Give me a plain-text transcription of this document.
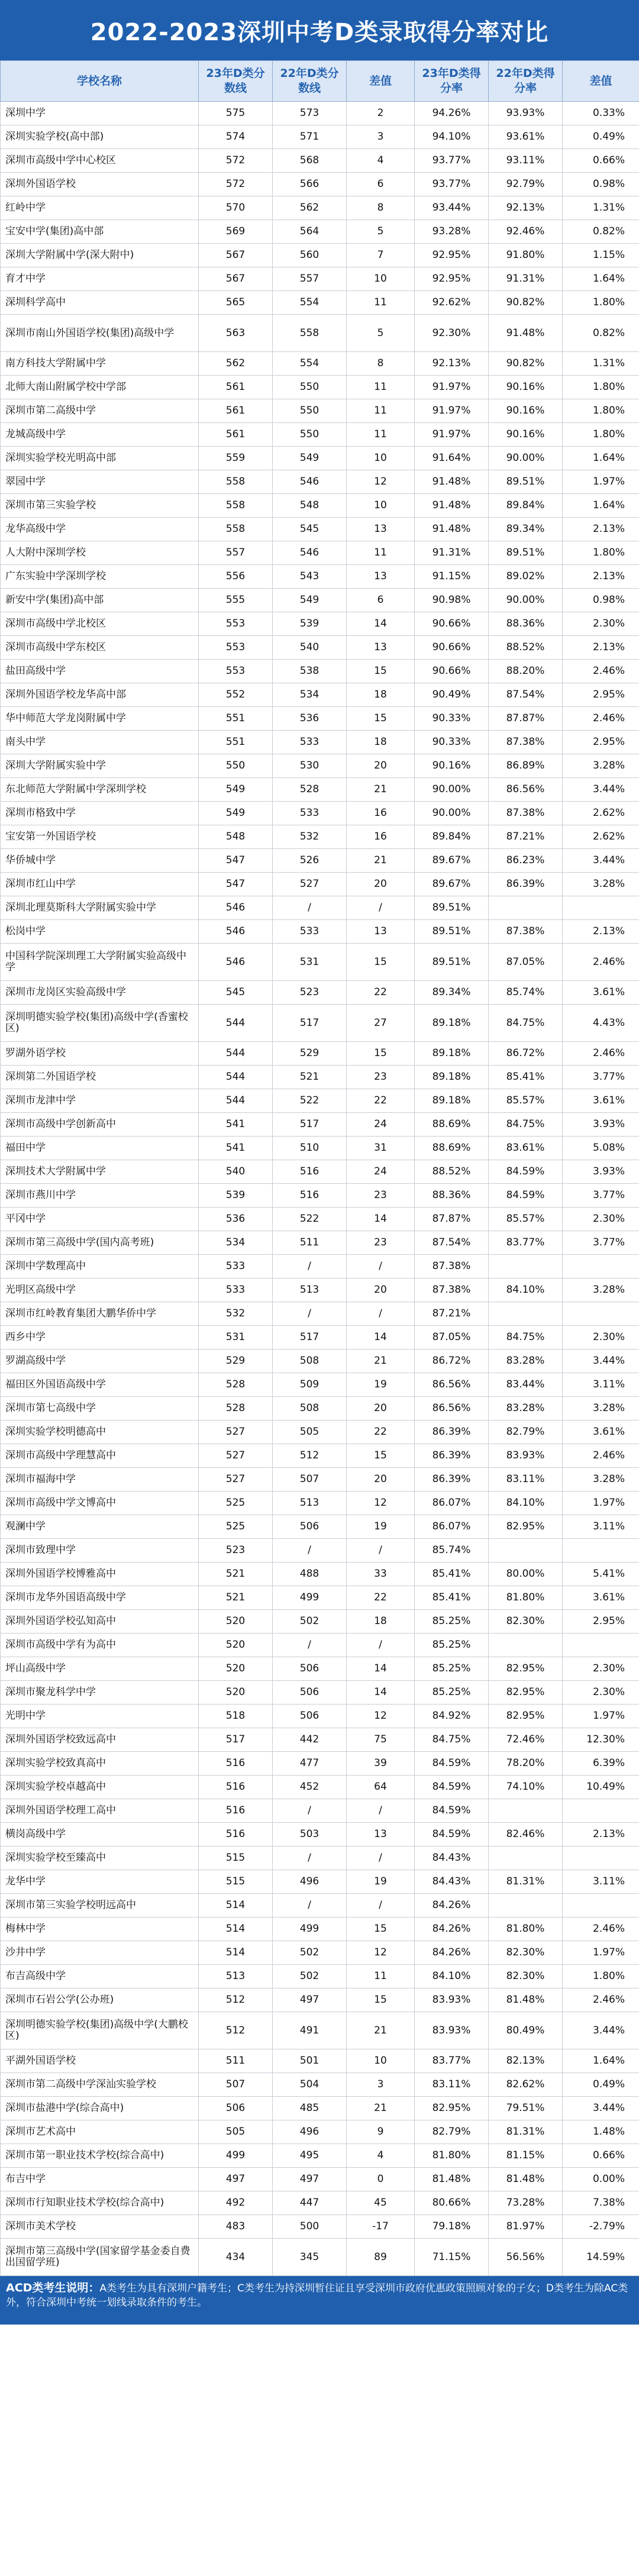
2022-2023深圳中考D类录取得分率对比
学校名称	23年D类分数线	22年D类分数线	差值	23年D类得分率	22年D类得分率	差值
深圳中学	575	573	2	94.26%	93.93%	0.33%
深圳实验学校(高中部)	574	571	3	94.10%	93.61%	0.49%
深圳市高级中学中心校区	572	568	4	93.77%	93.11%	0.66%
深圳外国语学校	572	566	6	93.77%	92.79%	0.98%
红岭中学	570	562	8	93.44%	92.13%	1.31%
宝安中学(集团)高中部	569	564	5	93.28%	92.46%	0.82%
深圳大学附属中学(深大附中)	567	560	7	92.95%	91.80%	1.15%
育才中学	567	557	10	92.95%	91.31%	1.64%
深圳科学高中	565	554	11	92.62%	90.82%	1.80%
深圳市南山外国语学校(集团)高级中学	563	558	5	92.30%	91.48%	0.82%
南方科技大学附属中学	562	554	8	92.13%	90.82%	1.31%
北师大南山附属学校中学部	561	550	11	91.97%	90.16%	1.80%
深圳市第二高级中学	561	550	11	91.97%	90.16%	1.80%
龙城高级中学	561	550	11	91.97%	90.16%	1.80%
深圳实验学校光明高中部	559	549	10	91.64%	90.00%	1.64%
翠园中学	558	546	12	91.48%	89.51%	1.97%
深圳市第三实验学校	558	548	10	91.48%	89.84%	1.64%
龙华高级中学	558	545	13	91.48%	89.34%	2.13%
人大附中深圳学校	557	546	11	91.31%	89.51%	1.80%
广东实验中学深圳学校	556	543	13	91.15%	89.02%	2.13%
新安中学(集团)高中部	555	549	6	90.98%	90.00%	0.98%
深圳市高级中学北校区	553	539	14	90.66%	88.36%	2.30%
深圳市高级中学东校区	553	540	13	90.66%	88.52%	2.13%
盐田高级中学	553	538	15	90.66%	88.20%	2.46%
深圳外国语学校龙华高中部	552	534	18	90.49%	87.54%	2.95%
华中师范大学龙岗附属中学	551	536	15	90.33%	87.87%	2.46%
南头中学	551	533	18	90.33%	87.38%	2.95%
深圳大学附属实验中学	550	530	20	90.16%	86.89%	3.28%
东北师范大学附属中学深圳学校	549	528	21	90.00%	86.56%	3.44%
深圳市格致中学	549	533	16	90.00%	87.38%	2.62%
宝安第一外国语学校	548	532	16	89.84%	87.21%	2.62%
华侨城中学	547	526	21	89.67%	86.23%	3.44%
深圳市红山中学	547	527	20	89.67%	86.39%	3.28%
深圳北理莫斯科大学附属实验中学	546	/	/	89.51%		
松岗中学	546	533	13	89.51%	87.38%	2.13%
中国科学院深圳理工大学附属实验高级中学	546	531	15	89.51%	87.05%	2.46%
深圳市龙岗区实验高级中学	545	523	22	89.34%	85.74%	3.61%
深圳明德实验学校(集团)高级中学(香蜜校区)	544	517	27	89.18%	84.75%	4.43%
罗湖外语学校	544	529	15	89.18%	86.72%	2.46%
深圳第二外国语学校	544	521	23	89.18%	85.41%	3.77%
深圳市龙津中学	544	522	22	89.18%	85.57%	3.61%
深圳市高级中学创新高中	541	517	24	88.69%	84.75%	3.93%
福田中学	541	510	31	88.69%	83.61%	5.08%
深圳技术大学附属中学	540	516	24	88.52%	84.59%	3.93%
深圳市燕川中学	539	516	23	88.36%	84.59%	3.77%
平冈中学	536	522	14	87.87%	85.57%	2.30%
深圳市第三高级中学(国内高考班)	534	511	23	87.54%	83.77%	3.77%
深圳中学数理高中	533	/	/	87.38%		
光明区高级中学	533	513	20	87.38%	84.10%	3.28%
深圳市红岭教育集团大鹏华侨中学	532	/	/	87.21%		
西乡中学	531	517	14	87.05%	84.75%	2.30%
罗湖高级中学	529	508	21	86.72%	83.28%	3.44%
福田区外国语高级中学	528	509	19	86.56%	83.44%	3.11%
深圳市第七高级中学	528	508	20	86.56%	83.28%	3.28%
深圳实验学校明德高中	527	505	22	86.39%	82.79%	3.61%
深圳市高级中学理慧高中	527	512	15	86.39%	83.93%	2.46%
深圳市福海中学	527	507	20	86.39%	83.11%	3.28%
深圳市高级中学文博高中	525	513	12	86.07%	84.10%	1.97%
观澜中学	525	506	19	86.07%	82.95%	3.11%
深圳市致理中学	523	/	/	85.74%		
深圳外国语学校博雅高中	521	488	33	85.41%	80.00%	5.41%
深圳市龙华外国语高级中学	521	499	22	85.41%	81.80%	3.61%
深圳外国语学校弘知高中	520	502	18	85.25%	82.30%	2.95%
深圳市高级中学有为高中	520	/	/	85.25%		
坪山高级中学	520	506	14	85.25%	82.95%	2.30%
深圳市聚龙科学中学	520	506	14	85.25%	82.95%	2.30%
光明中学	518	506	12	84.92%	82.95%	1.97%
深圳外国语学校致远高中	517	442	75	84.75%	72.46%	12.30%
深圳实验学校致真高中	516	477	39	84.59%	78.20%	6.39%
深圳实验学校卓越高中	516	452	64	84.59%	74.10%	10.49%
深圳外国语学校理工高中	516	/	/	84.59%		
横岗高级中学	516	503	13	84.59%	82.46%	2.13%
深圳实验学校至臻高中	515	/	/	84.43%		
龙华中学	515	496	19	84.43%	81.31%	3.11%
深圳市第三实验学校明远高中	514	/	/	84.26%		
梅林中学	514	499	15	84.26%	81.80%	2.46%
沙井中学	514	502	12	84.26%	82.30%	1.97%
布吉高级中学	513	502	11	84.10%	82.30%	1.80%
深圳市石岩公学(公办班)	512	497	15	83.93%	81.48%	2.46%
深圳明德实验学校(集团)高级中学(大鹏校区)	512	491	21	83.93%	80.49%	3.44%
平湖外国语学校	511	501	10	83.77%	82.13%	1.64%
深圳市第二高级中学深汕实验学校	507	504	3	83.11%	82.62%	0.49%
深圳市盐港中学(综合高中)	506	485	21	82.95%	79.51%	3.44%
深圳市艺术高中	505	496	9	82.79%	81.31%	1.48%
深圳市第一职业技术学校(综合高中)	499	495	4	81.80%	81.15%	0.66%
布吉中学	497	497	0	81.48%	81.48%	0.00%
深圳市行知职业技术学校(综合高中)	492	447	45	80.66%	73.28%	7.38%
深圳市美术学校	483	500	-17	79.18%	81.97%	-2.79%
深圳市第三高级中学(国家留学基金委自费出国留学班)	434	345	89	71.15%	56.56%	14.59%
ACD类考生说明：A类考生为具有深圳户籍考生；C类考生为持深圳暂住证且享受深圳市政府优惠政策照顾对象的子女；D类考生为除AC类外，符合深圳中考统一划线录取条件的考生。
